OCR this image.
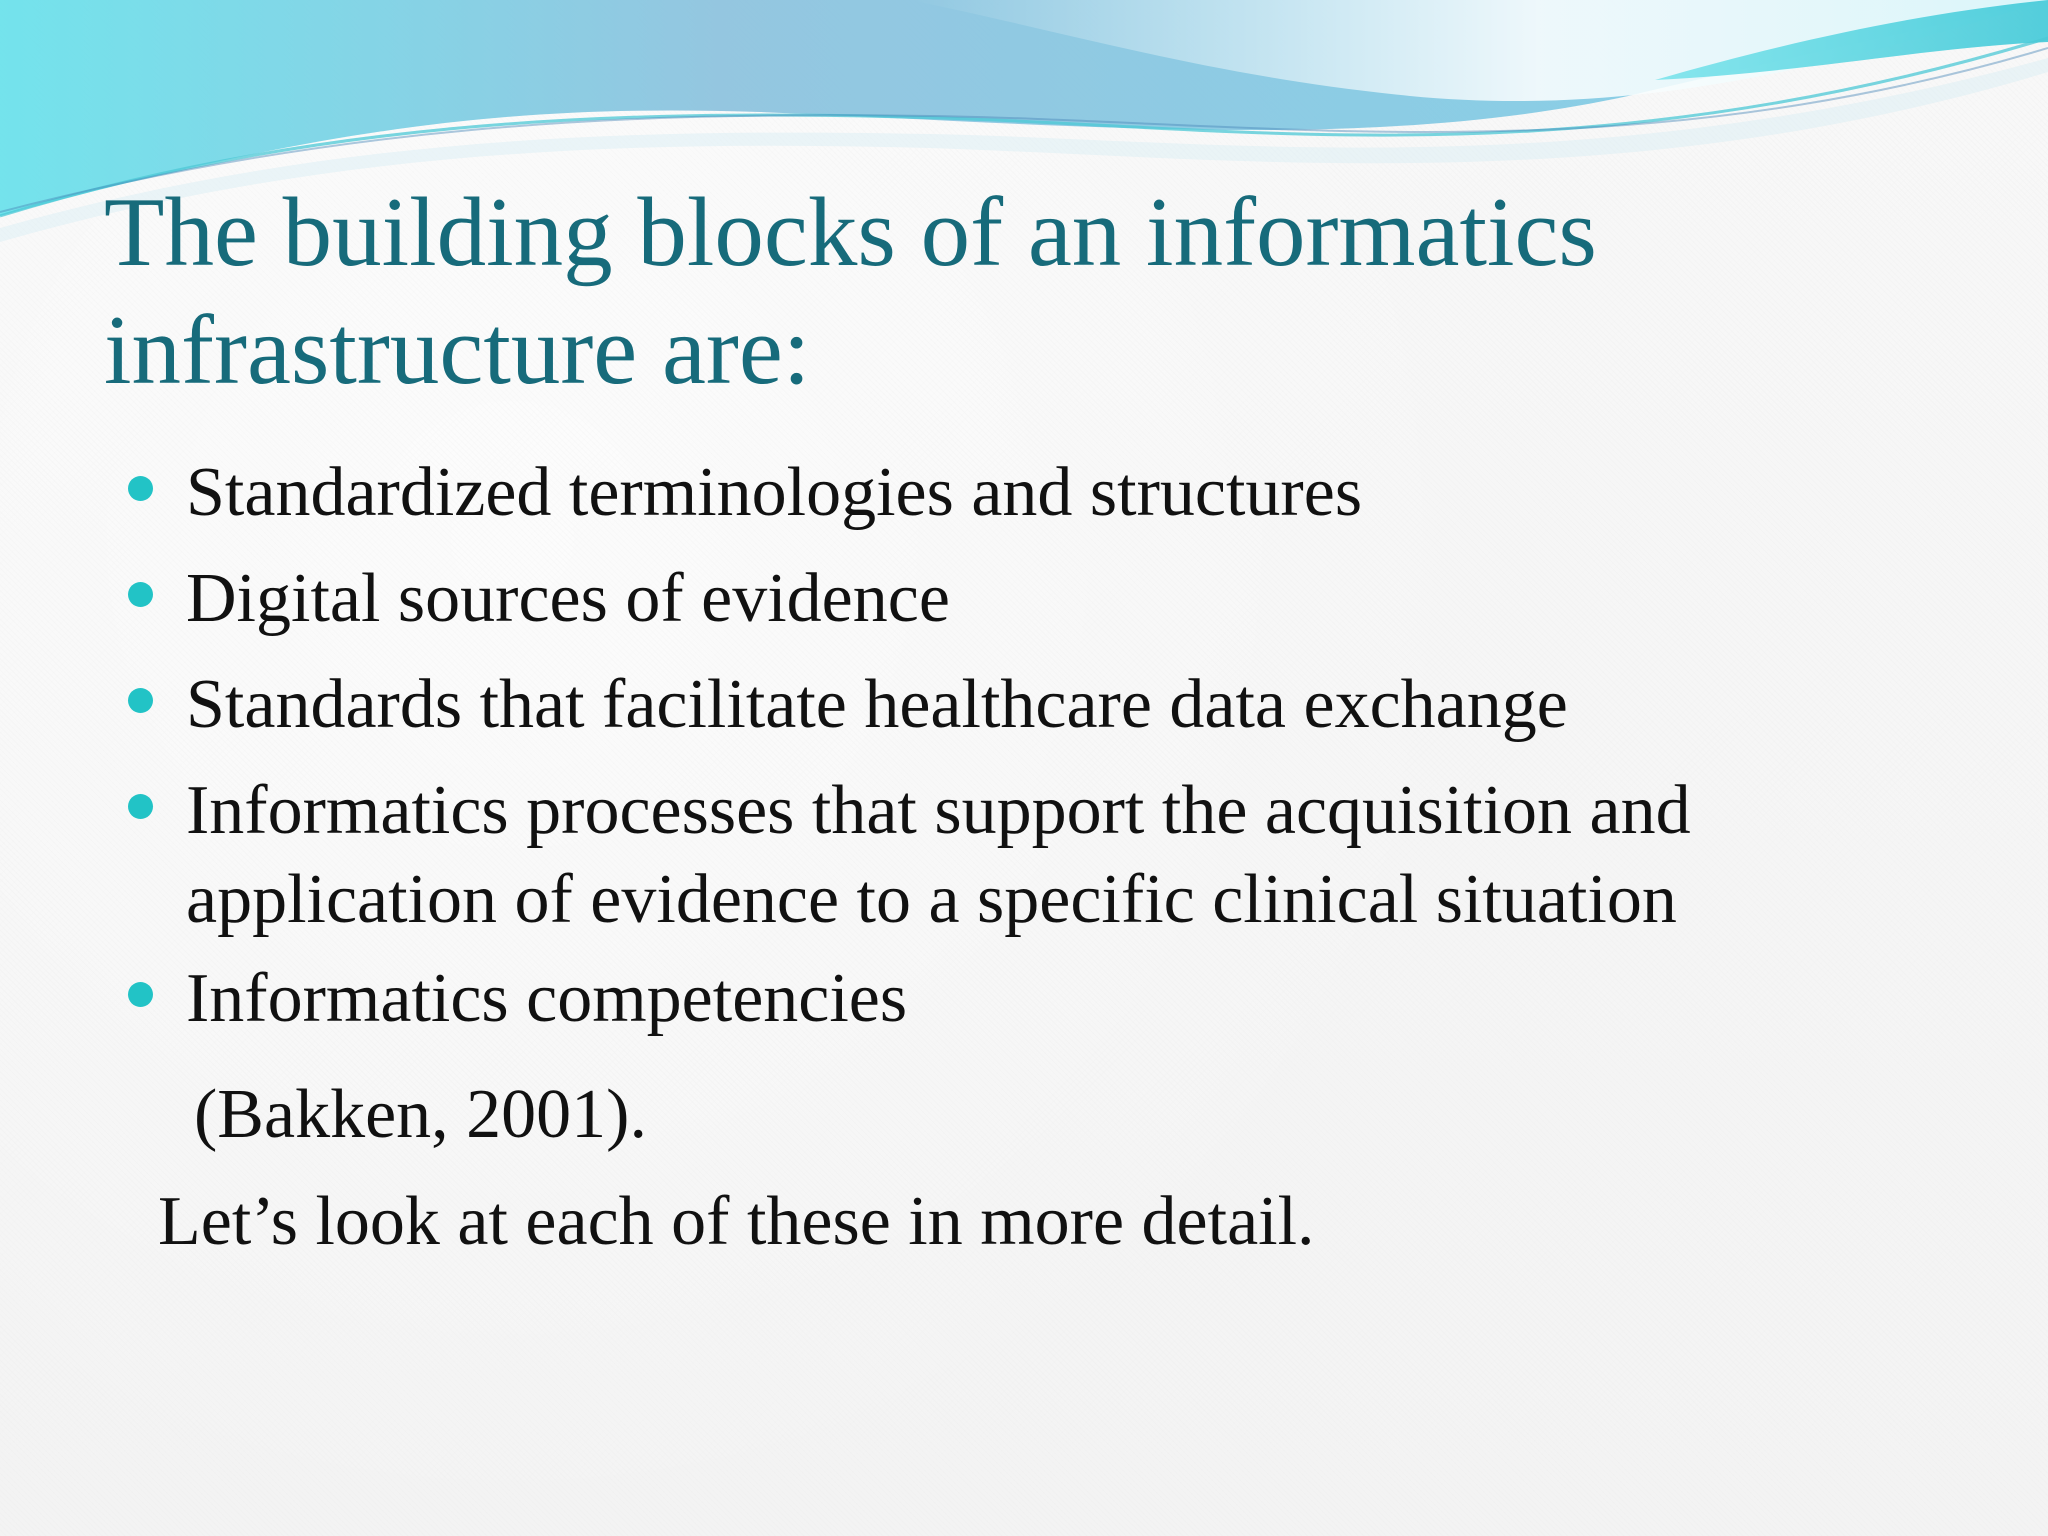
The building blocks of an informatics
infrastructure are:
Standardized terminologies and structures
Digital sources of evidence
Standards that facilitate healthcare data exchange
Informatics processes that support the acquisition and
application of evidence to a specific clinical situation
Informatics competencies

(Bakken, 2001).

Let’s look at each of these in more detail.
